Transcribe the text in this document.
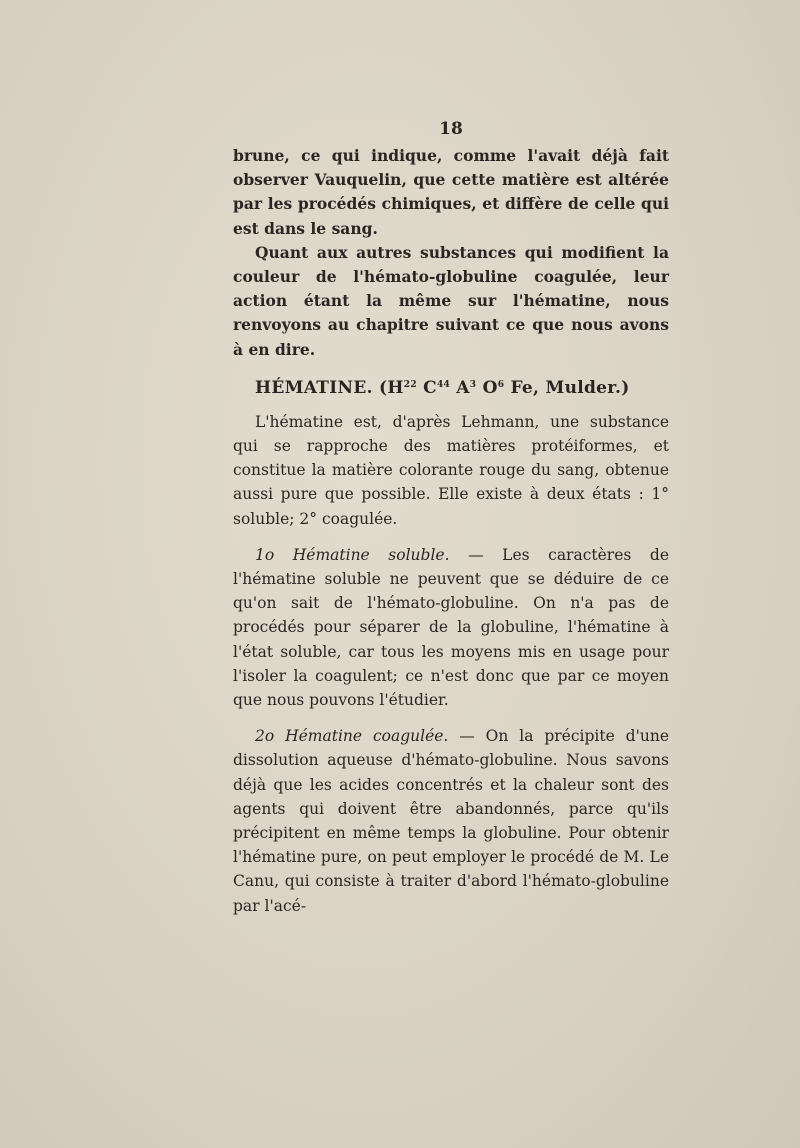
18

brune, ce qui indique, comme l'avait déjà fait observer Vauquelin, que cette matière est altérée par les procédés chimiques, et diffère de celle qui est dans le sang.

Quant aux autres substances qui modifient la couleur de l'hémato-globuline coagulée, leur action étant la même sur l'hématine, nous renvoyons au chapitre suivant ce que nous avons à en dire.

HÉMATINE. ($H^{22}$ $C^{44}$ $A^3$ $O^6$ Fe, Mulder.)

L'hématine est, d'après Lehmann, une substance qui se rapproche des matières protéiformes, et constitue la matière colorante rouge du sang, obtenue aussi pure que possible. Elle existe à deux états : 1° soluble; 2° coagulée.

1o Hématine soluble. — Les caractères de l'hématine soluble ne peuvent que se déduire de ce qu'on sait de l'hémato-globuline. On n'a pas de procédés pour séparer de la globuline, l'hématine à l'état soluble, car tous les moyens mis en usage pour l'isoler la coagulent; ce n'est donc que par ce moyen que nous pouvons l'étudier.

2o Hématine coagulée. — On la précipite d'une dissolution aqueuse d'hémato-globuline. Nous savons déjà que les acides concentrés et la chaleur sont des agents qui doivent être abandonnés, parce qu'ils précipitent en même temps la globuline. Pour obtenir l'hématine pure, on peut employer le procédé de M. Le Canu, qui consiste à traiter d'abord l'hémato-globuline par l'acé-
